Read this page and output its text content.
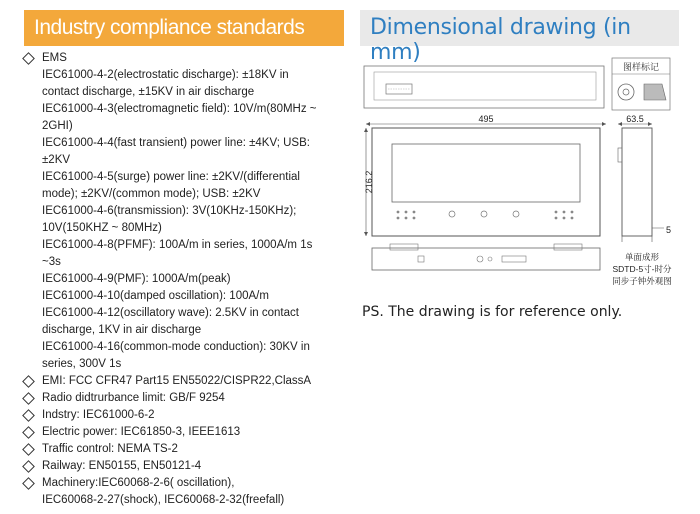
Industry compliance standards	Dimensional drawing (in mm)
EMS
IEC61000-4-2(electrostatic discharge): ±18KV in
contact discharge, ±15KV in air discharge
IEC61000-4-3(electromagnetic field): 10V/m(80MHz ~
2GHI)
IEC61000-4-4(fast transient) power line: ±4KV; USB:
±2KV
IEC61000-4-5(surge) power line: ±2KV/(differential
mode); ±2KV/(common mode); USB: ±2KV
IEC61000-4-6(transmission): 3V(10KHz-150KHz);
10V(150KHZ ~ 80MHz)
IEC61000-4-8(PFMF): 100A/m in series, 1000A/m 1s
~3s
IEC61000-4-9(PMF): 1000A/m(peak)
IEC61000-4-10(damped oscillation): 100A/m
IEC61000-4-12(oscillatory wave): 2.5KV in contact
discharge, 1KV in air discharge
IEC61000-4-16(common-mode conduction): 30KV in
series, 300V 1s
EMI: FCC CFR47 Part15 EN55022/CISPR22,ClassA
Radio didtrurbance limit: GB/F 9254
Indstry: IEC61000-6-2
Electric power: IEC61850-3, IEEE1613
Traffic control: NEMA TS-2
Railway: EN50155, EN50121-4
Machinery:IEC60068-2-6( oscillation),
IEC60068-2-27(shock), IEC60068-2-32(freefall)
图样标记
495
216.2
63.5
5
单面成形
SDTD-5寸-时分
同步子钟外观图
PS. The drawing is for reference only.
